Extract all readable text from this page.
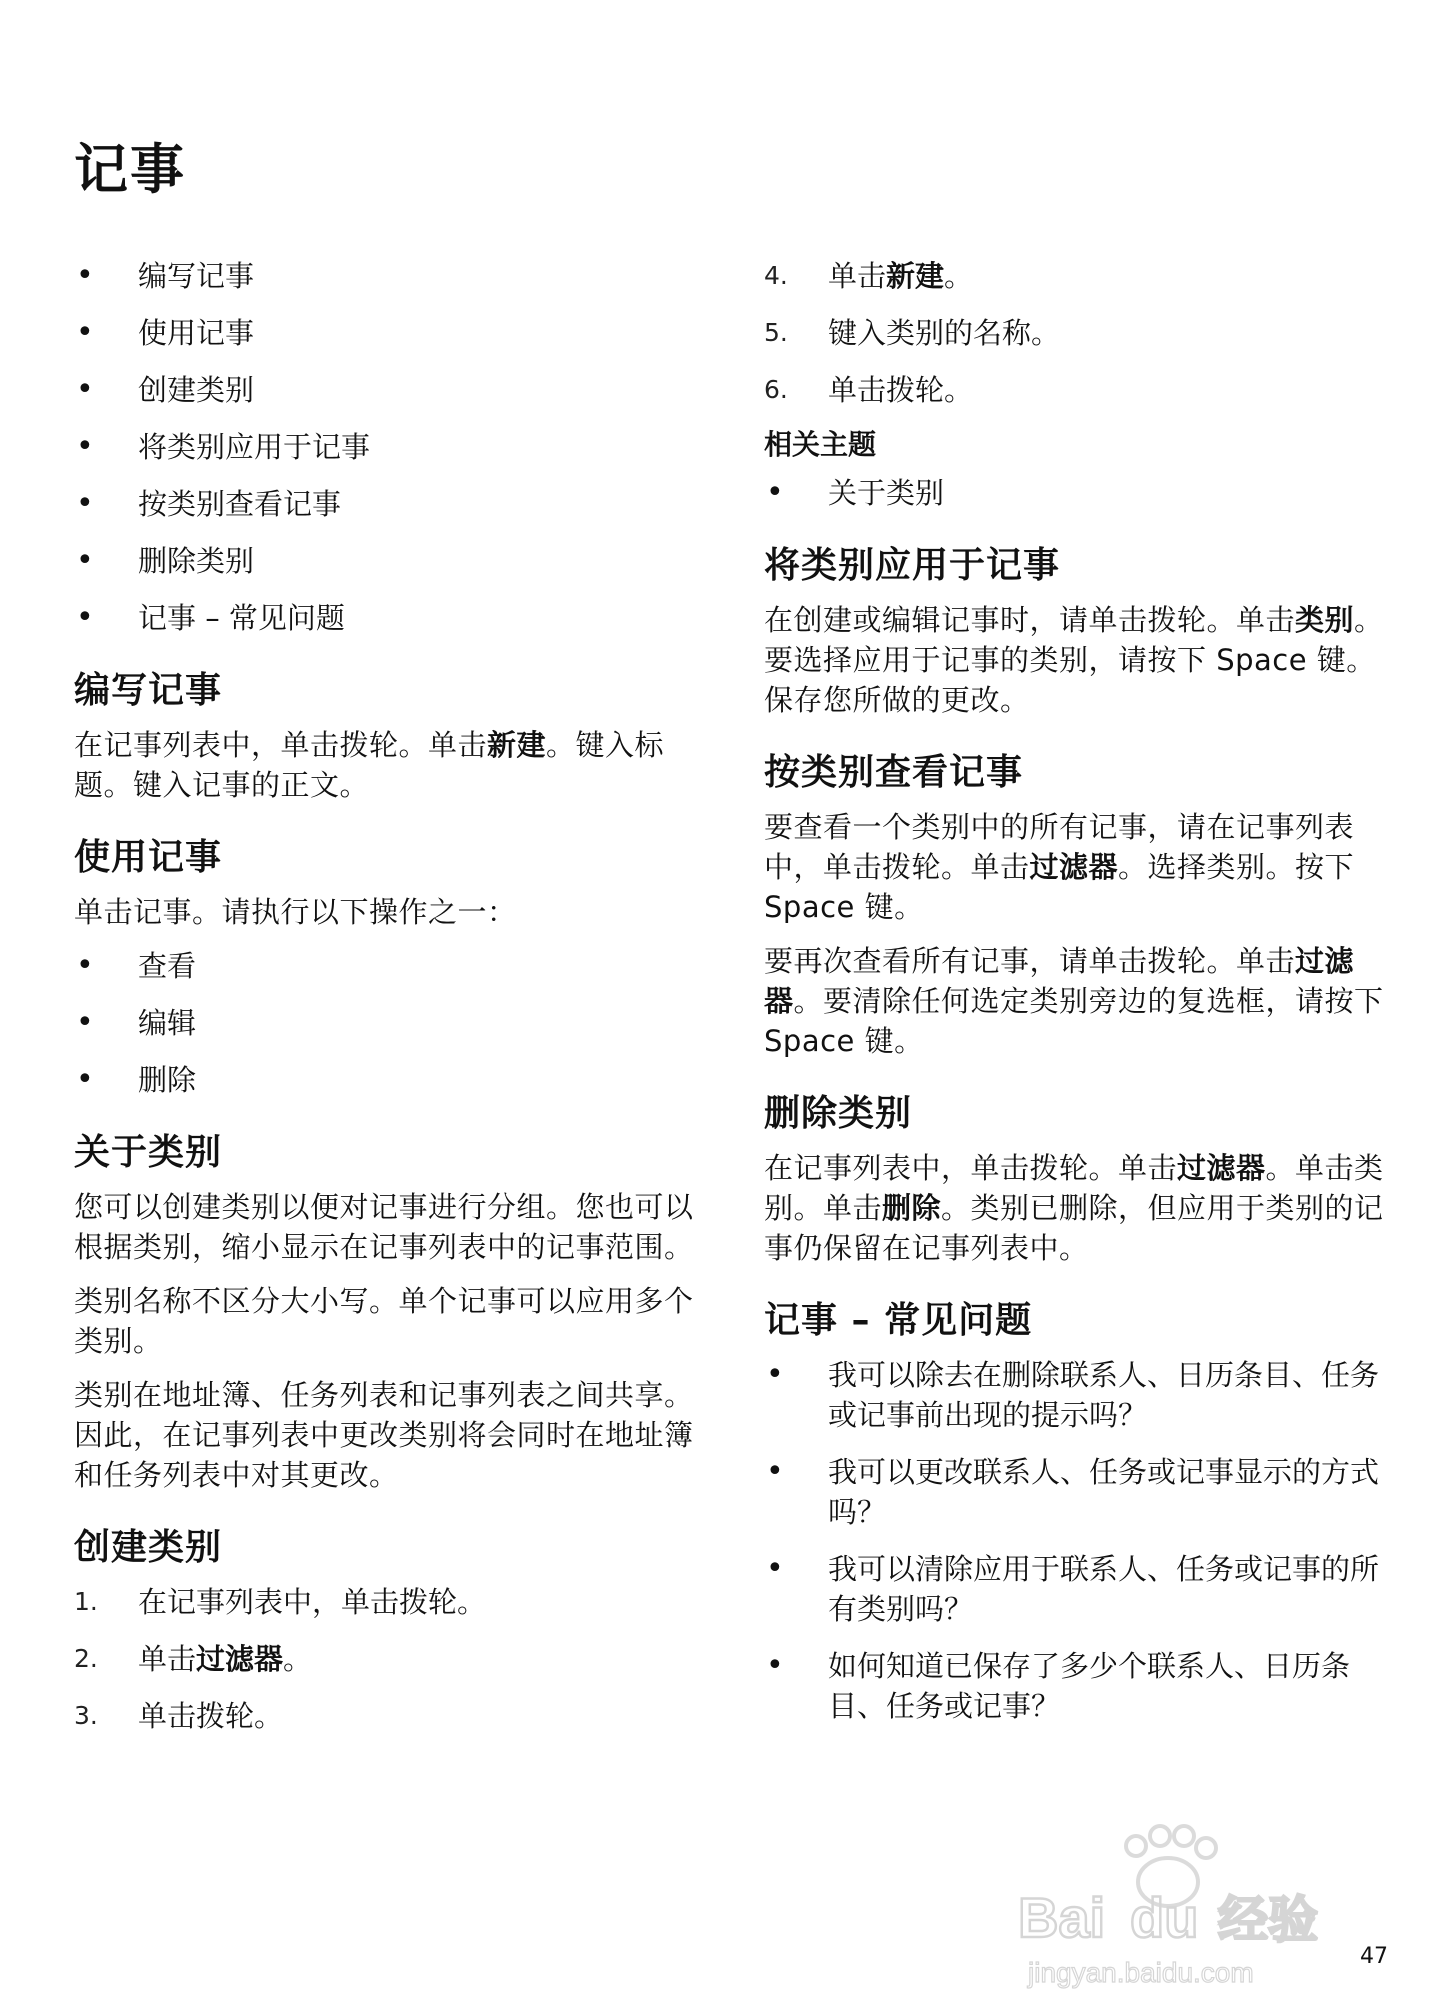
记事
• 编写记事
• 使用记事
• 创建类别
• 将类别应用于记事
• 按类别查看记事
• 删除类别
• 记事 – 常见问题
编写记事

在记事列表中，单击拨轮。单击新建。键入标题。键入记事的正文。

使用记事

单击记事。请执行以下操作之一：

• 查看
• 编辑
• 删除
关于类别

您可以创建类别以便对记事进行分组。您也可以根据类别，缩小显示在记事列表中的记事范围。

类别名称不区分大小写。单个记事可以应用多个类别。

类别在地址簿、任务列表和记事列表之间共享。因此，在记事列表中更改类别将会同时在地址簿和任务列表中对其更改。

创建类别
1. 在记事列表中，单击拨轮。
2. 单击过滤器。
3. 单击拨轮。
4. 单击新建。
5. 键入类别的名称。
6. 单击拨轮。
相关主题
• 关于类别
将类别应用于记事

在创建或编辑记事时，请单击拨轮。单击类别。要选择应用于记事的类别，请按下 Space 键。保存您所做的更改。

按类别查看记事

要查看一个类别中的所有记事，请在记事列表中，单击拨轮。单击过滤器。选择类别。按下 Space 键。

要再次查看所有记事，请单击拨轮。单击过滤器。要清除任何选定类别旁边的复选框，请按下 Space 键。

删除类别

在记事列表中，单击拨轮。单击过滤器。单击类别。单击删除。类别已删除，但应用于类别的记事仍保留在记事列表中。

记事 – 常见问题
• 我可以除去在删除联系人、日历条目、任务或记事前出现的提示吗？
• 我可以更改联系人、任务或记事显示的方式吗？
• 我可以清除应用于联系人、任务或记事的所有类别吗？
• 如何知道已保存了多少个联系人、日历条目、任务或记事？
Bai du 经验
jingyan.baidu.com
47
